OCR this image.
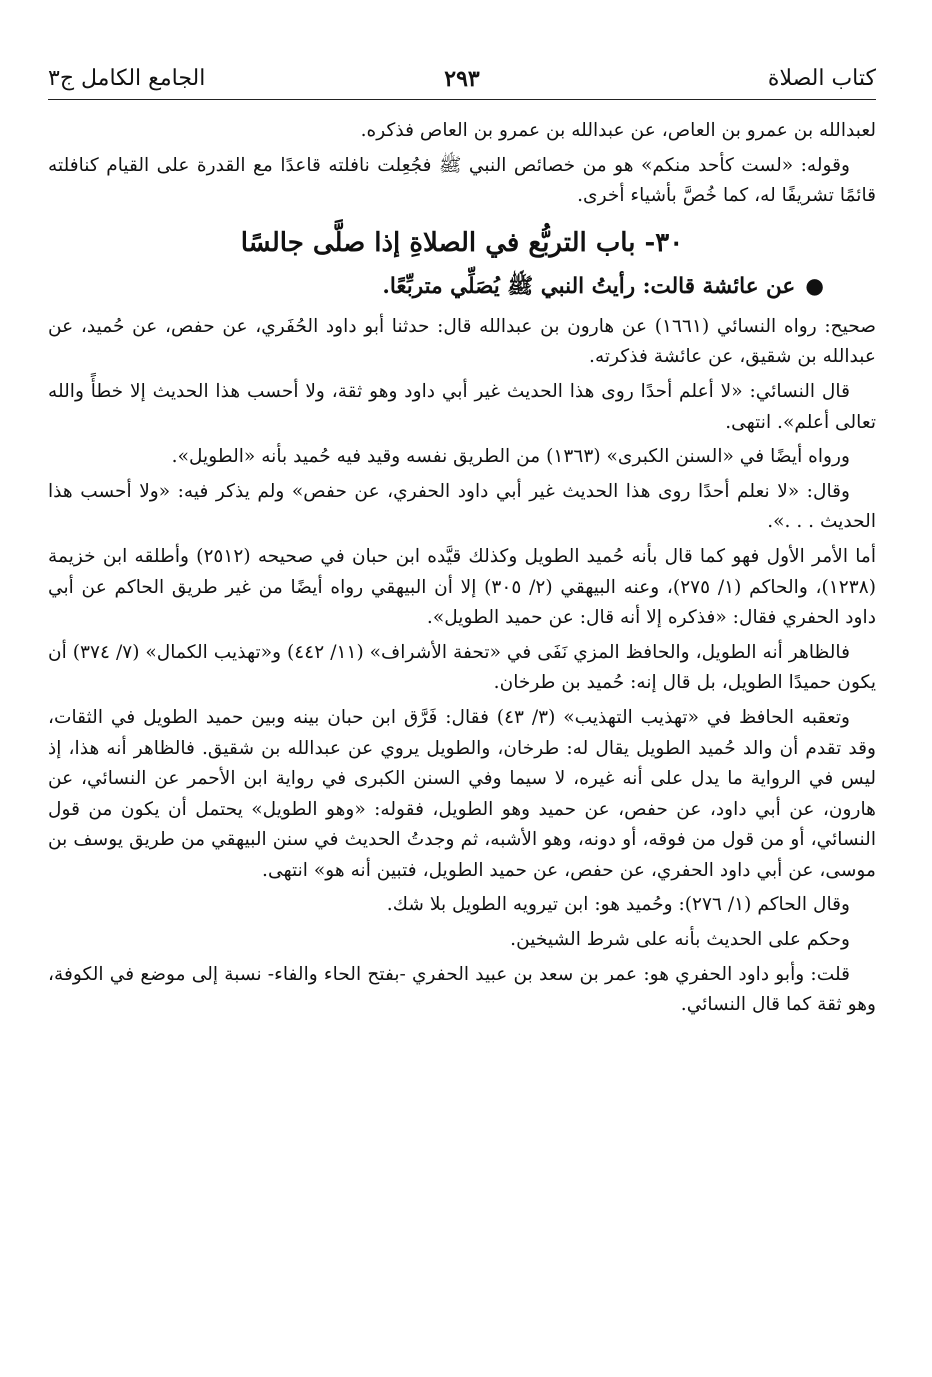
كتاب الصلاة
٢٩٣
الجامع الكامل ج٣

لعبدالله بن عمرو بن العاص، عن عبدالله بن عمرو بن العاص فذكره.

وقوله: «لست كأحد منكم» هو من خصائص النبي ﷺ فجُعِلت نافلته قاعدًا مع القدرة على القيام كنافلته قائمًا تشريفًا له، كما خُصَّ بأشياء أخرى.

٣٠- باب التربُّع في الصلاةِ إذا صلَّى جالسًا

●عن عائشة قالت: رأيتُ النبي ﷺ يُصَلِّي متربِّعًا.

صحيح: رواه النسائي (١٦٦١) عن هارون بن عبدالله قال: حدثنا أبو داود الحُفَري، عن حفص، عن حُميد، عن عبدالله بن شقيق، عن عائشة فذكرته.

قال النسائي: «لا أعلم أحدًا روى هذا الحديث غير أبي داود وهو ثقة، ولا أحسب هذا الحديث إلا خطأً والله تعالى أعلم». انتهى.

ورواه أيضًا في «السنن الكبرى» (١٣٦٣) من الطريق نفسه وقيد فيه حُميد بأنه «الطويل».

وقال: «لا نعلم أحدًا روى هذا الحديث غير أبي داود الحفري، عن حفص» ولم يذكر فيه: «ولا أحسب هذا الحديث . . .».

أما الأمر الأول فهو كما قال بأنه حُميد الطويل وكذلك قيَّده ابن حبان في صحيحه (٢٥١٢) وأطلقه ابن خزيمة (١٢٣٨)، والحاكم (١/ ٢٧٥)، وعنه البيهقي (٢/ ٣٠٥) إلا أن البيهقي رواه أيضًا من غير طريق الحاكم عن أبي داود الحفري فقال: «فذكره إلا أنه قال: عن حميد الطويل».

فالظاهر أنه الطويل، والحافظ المزي نَفَى في «تحفة الأشراف» (١١/ ٤٤٢) و«تهذيب الكمال» (٧/ ٣٧٤) أن يكون حميدًا الطويل، بل قال إنه: حُميد بن طرخان.

وتعقبه الحافظ في «تهذيب التهذيب» (٣/ ٤٣) فقال: فَرَّق ابن حبان بينه وبين حميد الطويل في الثقات، وقد تقدم أن والد حُميد الطويل يقال له: طرخان، والطويل يروي عن عبدالله بن شقيق. فالظاهر أنه هذا، إذ ليس في الرواية ما يدل على أنه غيره، لا سيما وفي السنن الكبرى في رواية ابن الأحمر عن النسائي، عن هارون، عن أبي داود، عن حفص، عن حميد وهو الطويل، فقوله: «وهو الطويل» يحتمل أن يكون من قول النسائي، أو من قول من فوقه، أو دونه، وهو الأشبه، ثم وجدتُ الحديث في سنن البيهقي من طريق يوسف بن موسى، عن أبي داود الحفري، عن حفص، عن حميد الطويل، فتبين أنه هو» انتهى.

وقال الحاكم (١/ ٢٧٦): وحُميد هو: ابن تيرويه الطويل بلا شك.

وحكم على الحديث بأنه على شرط الشيخين.

قلت: وأبو داود الحفري هو: عمر بن سعد بن عبيد الحفري -بفتح الحاء والفاء- نسبة إلى موضع في الكوفة، وهو ثقة كما قال النسائي.
